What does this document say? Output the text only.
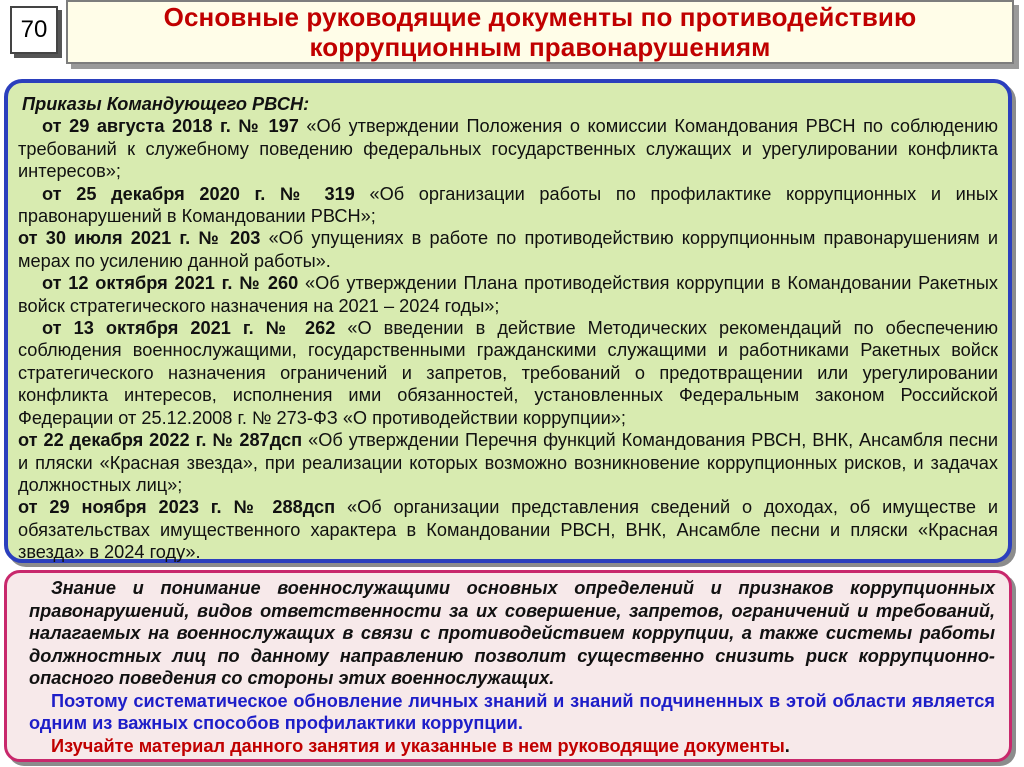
70	Основные руководящие документы по противодействию
коррупционным правонарушениям

Приказы Командующего РВСН:

от 29 августа 2018 г. № 197 «Об утверждении Положения о комиссии Командования РВСН по соблюдению требований к служебному поведению федеральных государственных служащих и урегулировании конфликта интересов»;

от 25 декабря 2020 г. № 319 «Об организации работы по профилактике коррупционных и иных правонарушений в Командовании РВСН»;

от 30 июля 2021 г. № 203 «Об упущениях в работе по противодействию коррупционным правонарушениям и мерах по усилению данной работы».

от 12 октября 2021 г. № 260 «Об утверждении Плана противодействия коррупции в Командовании Ракетных войск стратегического назначения на 2021 – 2024 годы»;

от 13 октября 2021 г. № 262 «О введении в действие Методических рекомендаций по обеспечению соблюдения военнослужащими, государственными гражданскими служащими и работниками Ракетных войск стратегического назначения ограничений и запретов, требований о предотвращении или урегулировании конфликта интересов, исполнения ими обязанностей, установленных Федеральным законом Российской Федерации от 25.12.2008 г. № 273-ФЗ «О противодействии коррупции»;

от 22 декабря 2022 г. № 287дсп «Об утверждении Перечня функций Командования РВСН, ВНК, Ансамбля песни и пляски «Красная звезда», при реализации которых возможно возникновение коррупционных рисков, и задачах должностных лиц»;

от 29 ноября 2023 г. № 288дсп «Об организации представления сведений о доходах, об имуществе и обязательствах имущественного характера в Командовании РВСН, ВНК, Ансамбле песни и пляски «Красная звезда» в 2024 году».

Знание и понимание военнослужащими основных определений и признаков коррупционных правонарушений, видов ответственности за их совершение, запретов, ограничений и требований, налагаемых на военнослужащих в связи с противодействием коррупции, а также системы работы должностных лиц по данному направлению позволит существенно снизить риск коррупционно-опасного поведения со стороны этих военнослужащих.

Поэтому систематическое обновление личных знаний и знаний подчиненных в этой области является одним из важных способов профилактики коррупции.

Изучайте материал данного занятия и указанные в нем руководящие документы.
